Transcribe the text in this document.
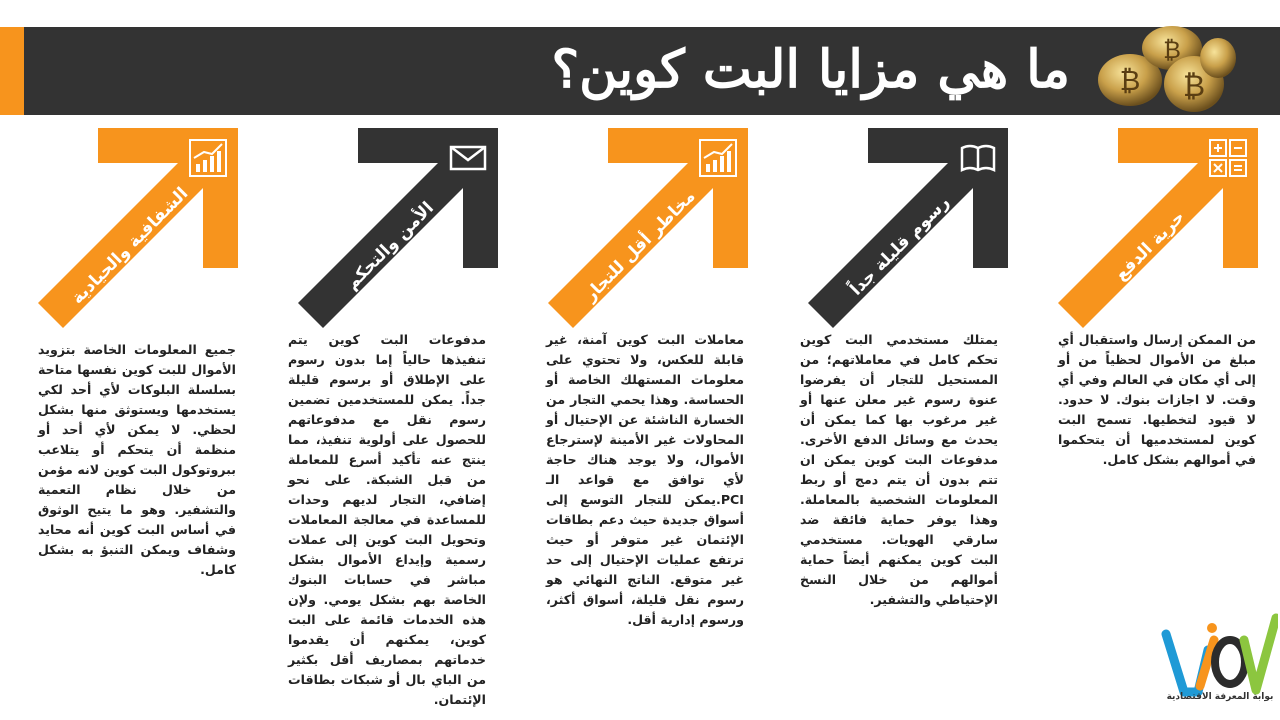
ما هي مزايا البت كوين؟ ₿
₿
₿
حرية الدفع
رسوم قليلة جداً
مخاطر أقل للتجار
الأمن والتحكم
الشفافية والحيادية
من الممكن إرسال واستقبال أي مبلغ من الأموال لحظياً من أو إلى أي مكان في العالم وفي أي وقت. لا اجازات بنوك. لا حدود. لا قيود لتخطيها. تسمح البت كوين لمستخدميها أن يتحكموا في أموالهم بشكل كامل.
يمتلك مستخدمي البت كوين تحكم كامل في معاملاتهم؛ من المستحيل للتجار أن يفرضوا عنوة رسوم غير معلن عنها أو غير مرغوب بها كما يمكن أن يحدث مع وسائل الدفع الأخرى. مدفوعات البت كوين يمكن ان تتم بدون أن يتم دمج أو ربط المعلومات الشخصية بالمعاملة. وهذا يوفر حماية فائقة ضد سارقي الهويات. مستخدمي البت كوين يمكنهم أيضاً حماية أموالهم من خلال النسخ الإحتياطي والتشفير.
معاملات البت كوين آمنة، غير قابلة للعكس، ولا تحتوي على معلومات المستهلك الخاصة أو الحساسة. وهذا يحمي التجار من الخسارة الناشئة عن الإحتيال أو المحاولات غير الأمينة لإسترجاع الأموال، ولا يوجد هناك حاجة لأي توافق مع قواعد الـ PCI.يمكن للتجار التوسع إلى أسواق جديدة حيث دعم بطاقات الإئتمان غير متوفر أو حيث ترتفع عمليات الإحتيال إلى حد غير متوقع. الناتج النهائي هو رسوم نقل قليلة، أسواق أكثر، ورسوم إدارية أقل.
مدفوعات البت كوين يتم تنفيذها حالياً إما بدون رسوم على الإطلاق أو برسوم قليلة جداً. يمكن للمستخدمين تضمين رسوم نقل مع مدفوعاتهم للحصول على أولوية تنفيذ، مما ينتج عنه تأكيد أسرع للمعاملة من قبل الشبكة. على نحو إضافي، التجار لديهم وحدات للمساعدة في معالجة المعاملات وتحويل البت كوين إلى عملات رسمية وإيداع الأموال بشكل مباشر في حسابات البنوك الخاصة بهم بشكل يومي. ولإن هذه الخدمات قائمة على البت كوين، يمكنهم أن يقدموا خدماتهم بمصاريف أقل بكثير من الباي بال أو شبكات بطاقات الإئتمان.
جميع المعلومات الخاصة بتزويد الأموال للبت كوين نفسها متاحة بسلسلة البلوكات لأي أحد لكي يستخدمها ويستوثق منها بشكل لحظي. لا يمكن لأي أحد أو منظمة أن يتحكم أو يتلاعب ببروتوكول البت كوين لانه مؤمن من خلال نظام التعمية والتشفير. وهو ما يتيح الوثوق في أساس البت كوين أنه محايد وشفاف ويمكن التنبؤ به بشكل كامل.
بوابة المعرفة الاقتصادية
